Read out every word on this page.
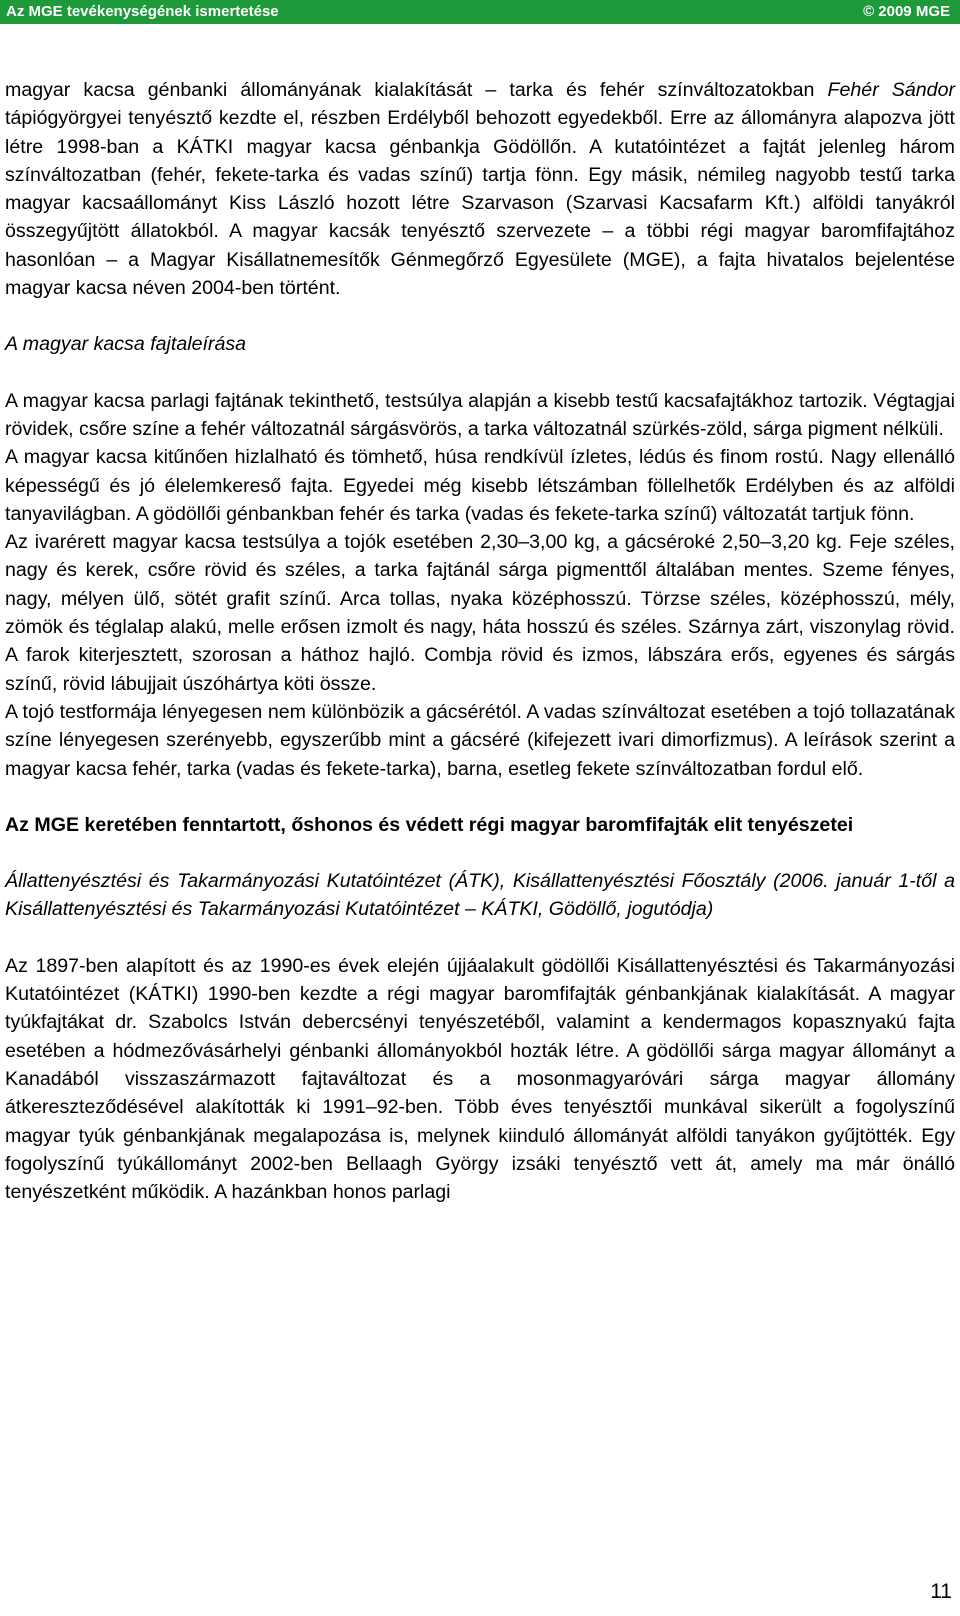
Az MGE tevékenységének ismertetése	© 2009 MGE

magyar kacsa génbanki állományának kialakítását – tarka és fehér színváltozatokban Fehér Sándor tápiógyörgyei tenyésztő kezdte el, részben Erdélyből behozott egyedekből. Erre az állományra alapozva jött létre 1998-ban a KÁTKI magyar kacsa génbankja Gödöllőn. A kutatóintézet a fajtát jelenleg három színváltozatban (fehér, fekete-tarka és vadas színű) tartja fönn. Egy másik, némileg nagyobb testű tarka magyar kacsaállományt Kiss László hozott létre Szarvason (Szarvasi Kacsafarm Kft.) alföldi tanyákról összegyűjtött állatokból. A magyar kacsák tenyésztő szervezete – a többi régi magyar baromfifajtához hasonlóan – a Magyar Kisállatnemesítők Génmegőrző Egyesülete (MGE), a fajta hivatalos bejelentése magyar kacsa néven 2004-ben történt.

A magyar kacsa fajtaleírása

A magyar kacsa parlagi fajtának tekinthető, testsúlya alapján a kisebb testű kacsafajtákhoz tartozik. Végtagjai rövidek, csőre színe a fehér változatnál sárgásvörös, a tarka változatnál szürkés-zöld, sárga pigment nélküli.

A magyar kacsa kitűnően hizlalható és tömhető, húsa rendkívül ízletes, lédús és finom rostú. Nagy ellenálló képességű és jó élelemkereső fajta. Egyedei még kisebb létszámban föllelhetők Erdélyben és az alföldi tanyavilágban. A gödöllői génbankban fehér és tarka (vadas és fekete-tarka színű) változatát tartjuk fönn.

Az ivarérett magyar kacsa testsúlya a tojók esetében 2,30–3,00 kg, a gácséroké 2,50–3,20 kg. Feje széles, nagy és kerek, csőre rövid és széles, a tarka fajtánál sárga pigmenttől általában mentes. Szeme fényes, nagy, mélyen ülő, sötét grafit színű. Arca tollas, nyaka középhosszú. Törzse széles, középhosszú, mély, zömök és téglalap alakú, melle erősen izmolt és nagy, háta hosszú és széles. Szárnya zárt, viszonylag rövid. A farok kiterjesztett, szorosan a háthoz hajló. Combja rövid és izmos, lábszára erős, egyenes és sárgás színű, rövid lábujjait úszóhártya köti össze.

A tojó testformája lényegesen nem különbözik a gácsérétól. A vadas színváltozat esetében a tojó tollazatának színe lényegesen szerényebb, egyszerűbb mint a gácséré (kifejezett ivari dimorfizmus). A leírások szerint a magyar kacsa fehér, tarka (vadas és fekete-tarka), barna, esetleg fekete színváltozatban fordul elő.

Az MGE keretében fenntartott, őshonos és védett régi magyar baromfifajták elit tenyészetei

Állattenyésztési és Takarmányozási Kutatóintézet (ÁTK), Kisállattenyésztési Főosztály (2006. január 1-től a Kisállattenyésztési és Takarmányozási Kutatóintézet – KÁTKI, Gödöllő, jogutódja)

Az 1897-ben alapított és az 1990-es évek elején újjáalakult gödöllői Kisállattenyésztési és Takarmányozási Kutatóintézet (KÁTKI) 1990-ben kezdte a régi magyar baromfifajták génbankjának kialakítását. A magyar tyúkfajtákat dr. Szabolcs István debercsényi tenyészetéből, valamint a kendermagos kopasznyakú fajta esetében a hódmezővásárhelyi génbanki állományokból hozták létre. A gödöllői sárga magyar állományt a Kanadából visszaszármazott fajtaváltozat és a mosonmagyaróvári sárga magyar állomány átkereszteződésével alakították ki 1991–92-ben. Több éves tenyésztői munkával sikerült a fogolyszínű magyar tyúk génbankjának megalapozása is, melynek kiinduló állományát alföldi tanyákon gyűjtötték. Egy fogolyszínű tyúkállományt 2002-ben Bellaagh György izsáki tenyésztő vett át, amely ma már önálló tenyészetként működik. A hazánkban honos parlagi

11
